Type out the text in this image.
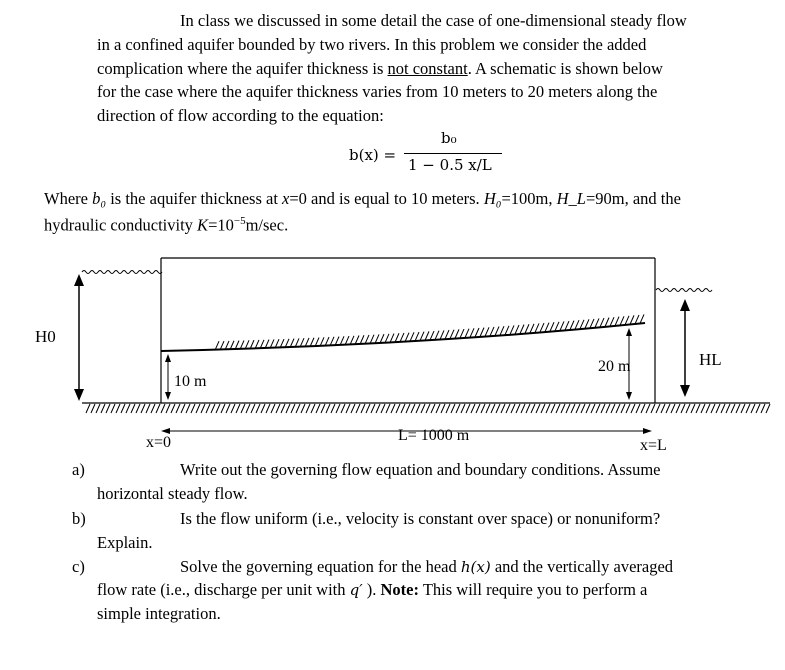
In class we discussed in some detail the case of one-dimensional steady flow

in a confined aquifer bounded by two rivers. In this problem we consider the added

complication where the aquifer thickness is not constant. A schematic is shown below

for the case where the aquifer thickness varies from 10 meters to 20 meters along the

direction of flow according to the equation:

b(x) =
b₀
1 − 0.5 x/L

Where b₀ is the aquifer thickness at x=0 and is equal to 10 meters. H₀=100m, H_L=90m, and the

hydraulic conductivity $K=10^{-5}m/\sec$.

H0
HL
10 m
20 m
x=0	L= 1000 m
x=L

a)	Write out the governing flow equation and boundary conditions. Assume

horizontal steady flow.

b)	Is the flow uniform (i.e., velocity is constant over space) or nonuniform?

Explain.

c)	Solve the governing equation for the head h(x) and the vertically averaged

flow rate (i.e., discharge per unit with q′ ). Note: This will require you to perform a

simple integration.
